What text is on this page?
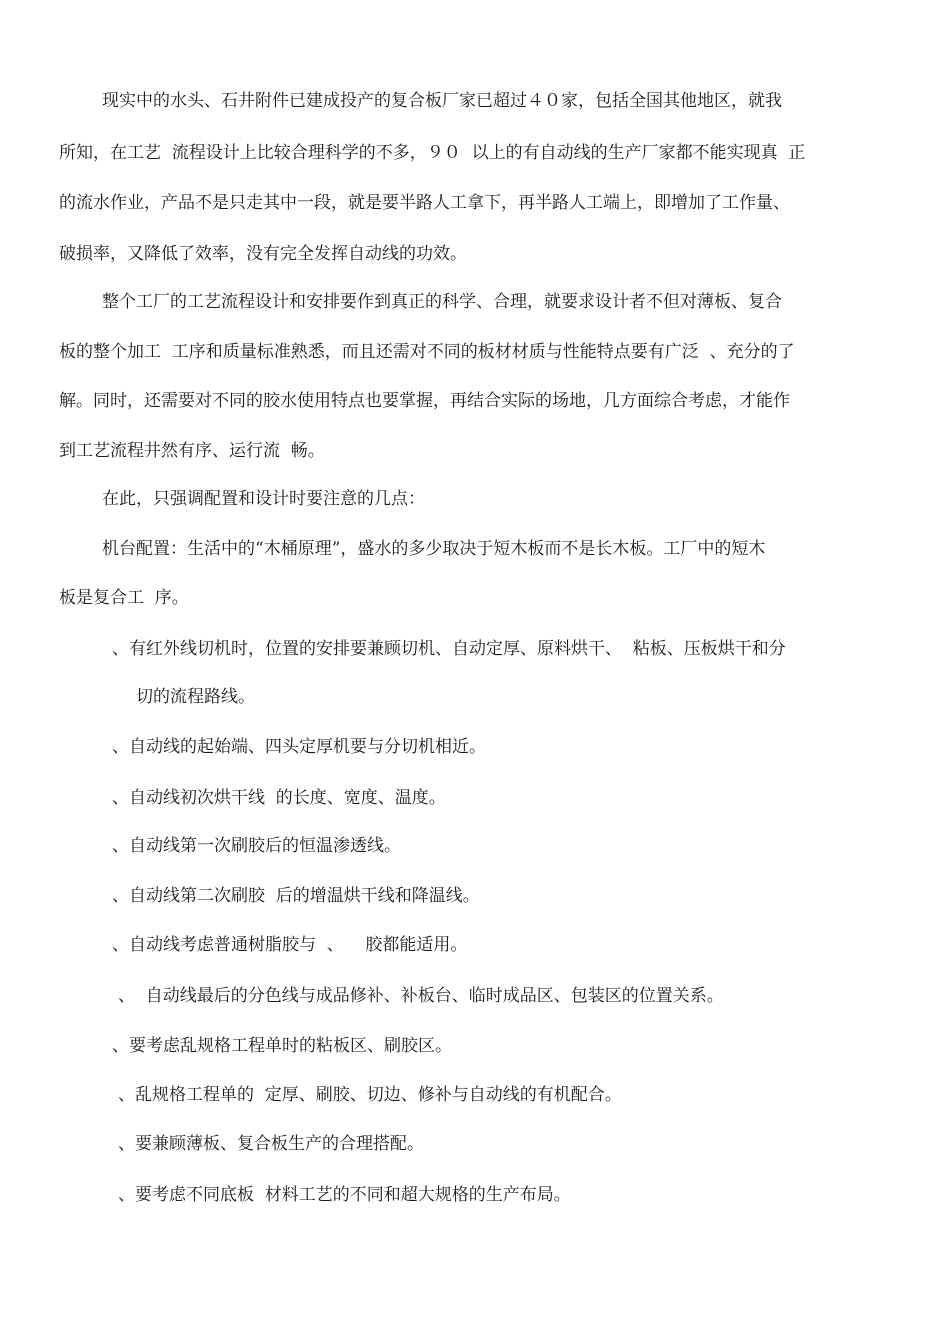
现实中的水头、石井附件已建成投产的复合板厂家已超过４０家，包括全国其他地区，就我

所知，在工艺  流程设计上比较合理科学的不多，９０  以上的有自动线的生产厂家都不能实现真  正

的流水作业，产品不是只走其中一段，就是要半路人工拿下，再半路人工端上，即增加了工作量、

破损率，又降低了效率，没有完全发挥自动线的功效。

整个工厂的工艺流程设计和安排要作到真正的科学、合理，就要求设计者不但对薄板、复合

板的整个加工  工序和质量标准熟悉，而且还需对不同的板材材质与性能特点要有广泛  、充分的了

解。同时，还需要对不同的胶水使用特点也要掌握，再结合实际的场地，几方面综合考虑，才能作

到工艺流程井然有序、运行流  畅。

在此，只强调配置和设计时要注意的几点：

机台配置：生活中的“木桶原理”，盛水的多少取决于短木板而不是长木板。工厂中的短木

板是复合工  序。

、有红外线切机时，位置的安排要兼顾切机、自动定厚、原料烘干、  粘板、压板烘干和分

切的流程路线。

、自动线的起始端、四头定厚机要与分切机相近。

、自动线初次烘干线  的长度、宽度、温度。

、自动线第一次刷胶后的恒温渗透线。

、自动线第二次刷胶  后的增温烘干线和降温线。

、自动线考虑普通树脂胶与  、    胶都能适用。

、  自动线最后的分色线与成品修补、补板台、临时成品区、包装区的位置关系。

、要考虑乱规格工程单时的粘板区、刷胶区。

、乱规格工程单的  定厚、刷胶、切边、修补与自动线的有机配合。

、要兼顾薄板、复合板生产的合理搭配。

、要考虑不同底板  材料工艺的不同和超大规格的生产布局。
